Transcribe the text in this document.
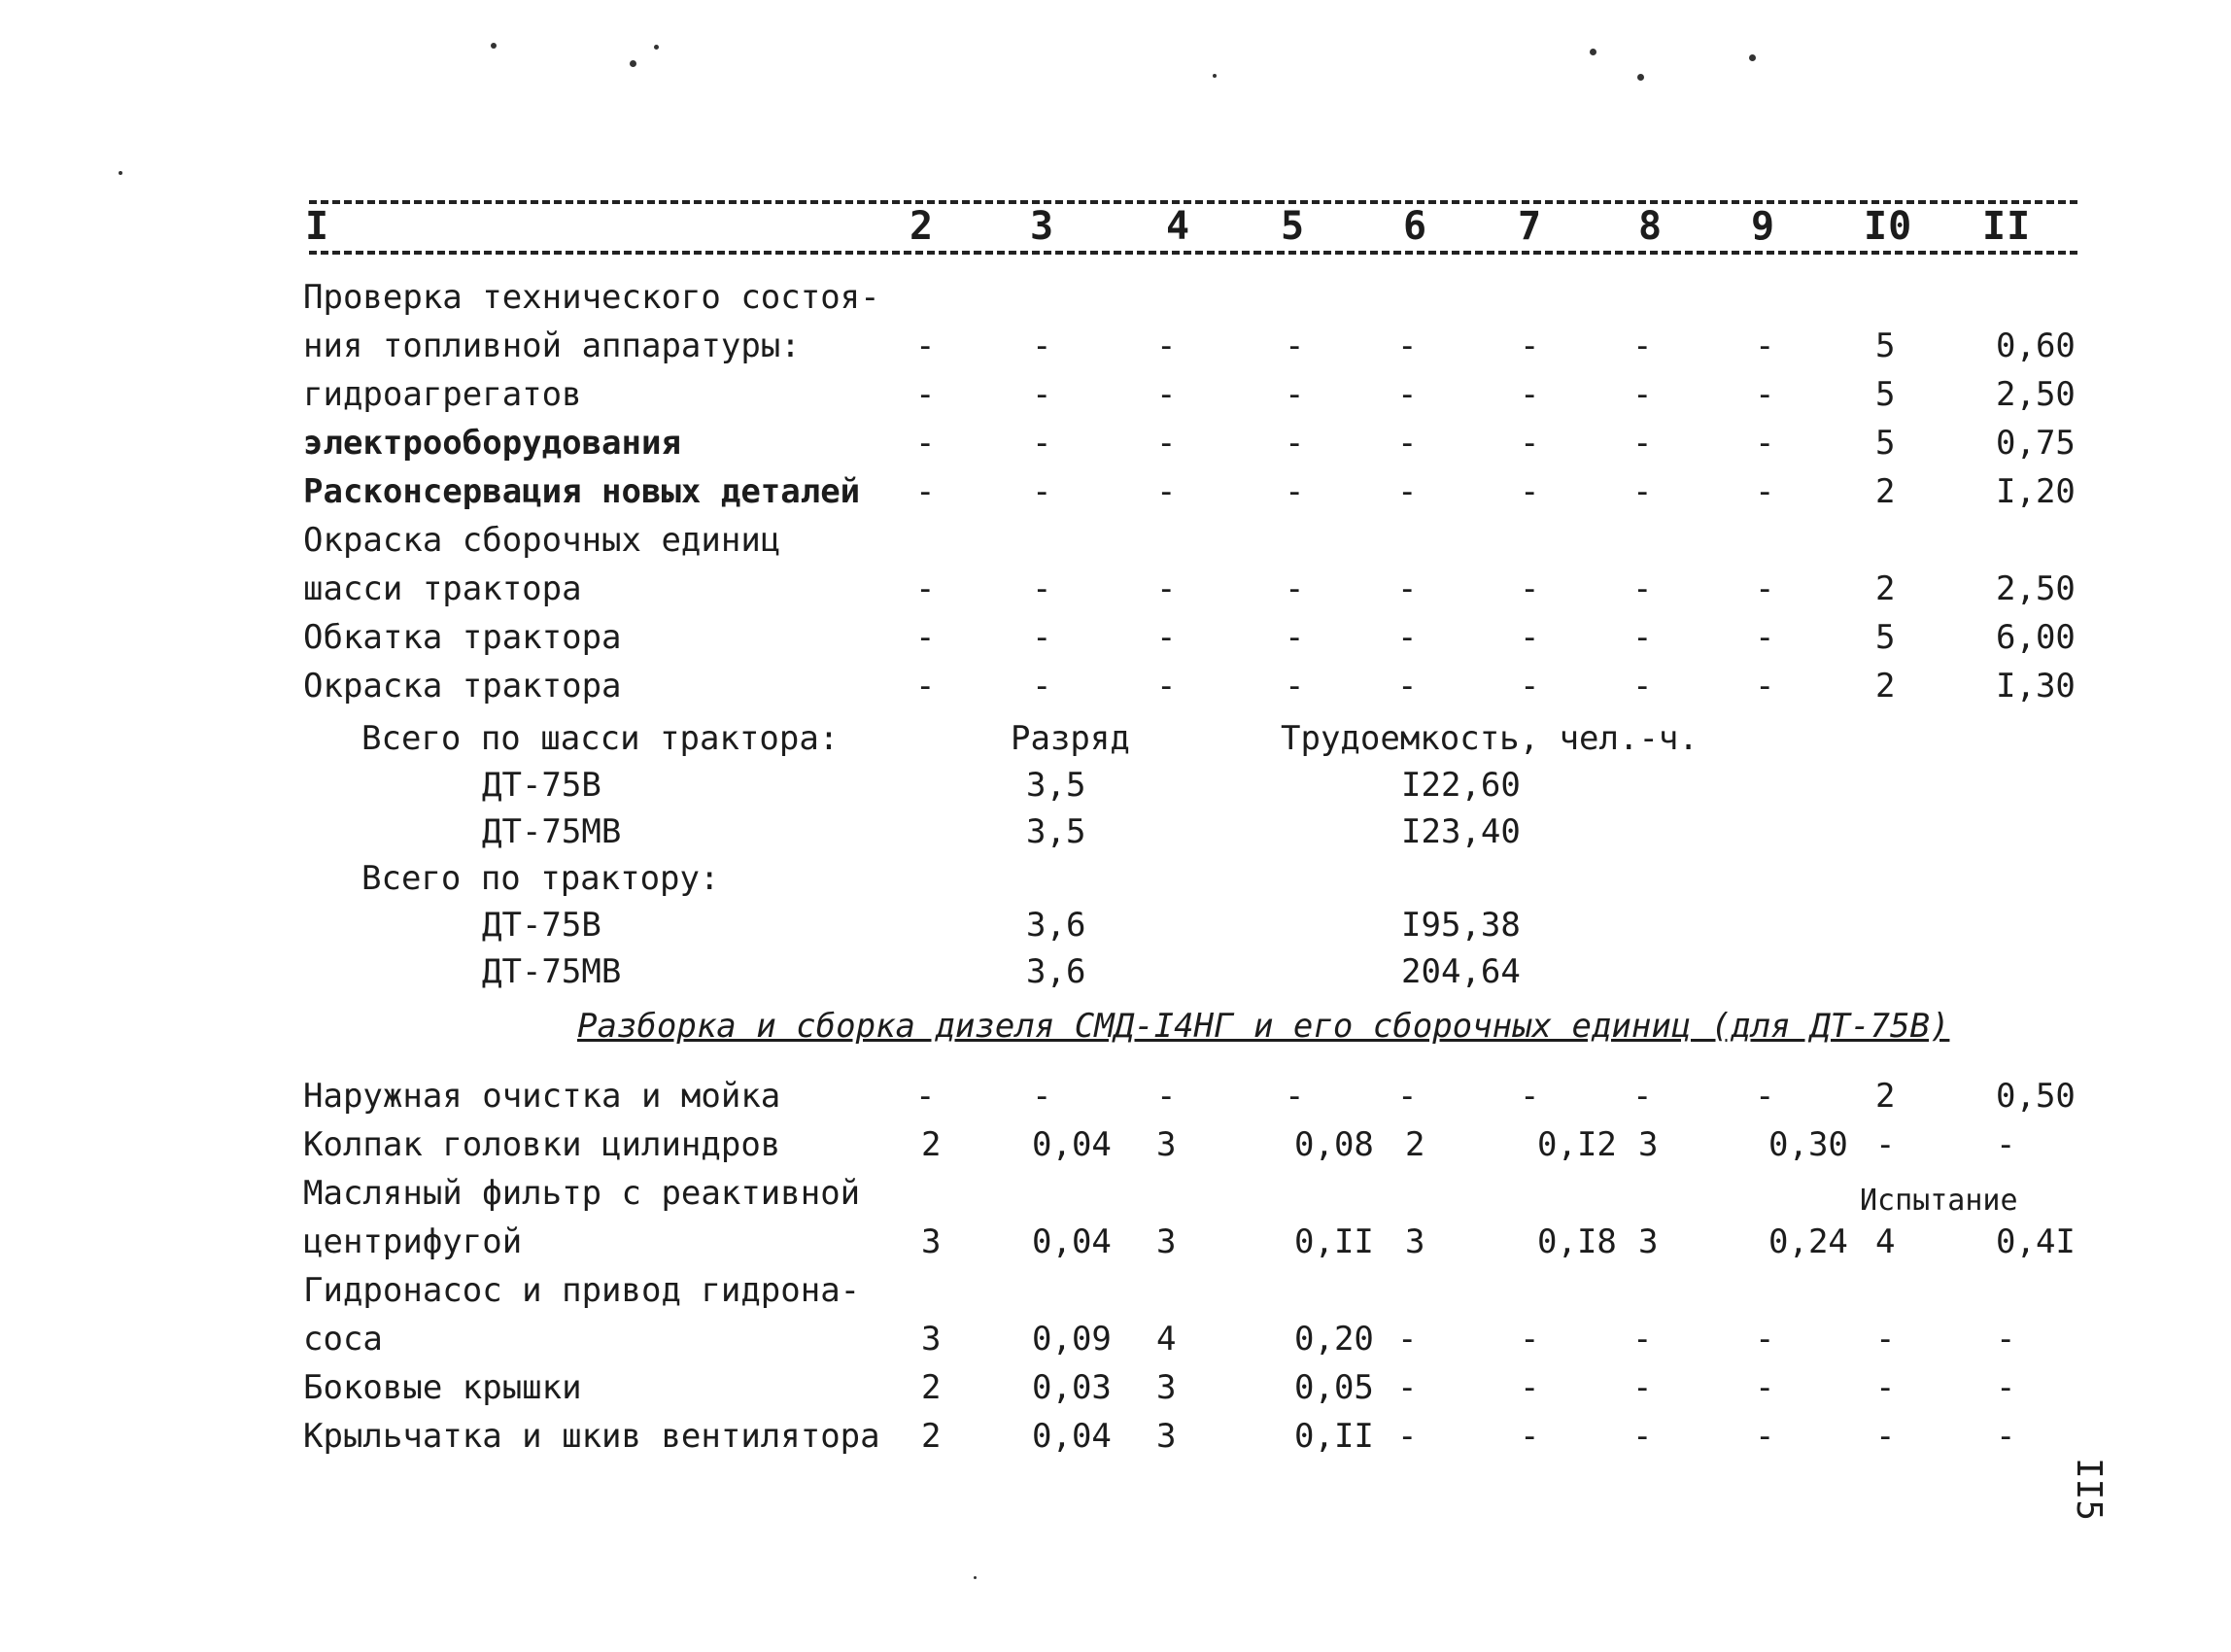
I	2 3	4 5	6 7 8 9 I0 II
Проверка технического состоя-
ния топливной аппаратуры:	-	-	-	-	-	-	-	-	5	0,60
гидроагрегатов	-	-	-	-	-	-	-	-	5	2,50
электрооборудования	-	-	-	-	-	-	-	-	5	0,75
Расконсервация новых деталей -	-	-	-	-	-	-	-	2	I,20
Окраска сборочных единиц
шасси трактора	-	-	-	-	-	-	-	-	2	2,50
Обкатка трактора	-	-	-	-	-	-	-	-	5	6,00
Окраска трактора	-	-	-	-	-	-	-	-	2	I,30
Всего по шасси трактора:	Разряд	Трудоемкость, чел.-ч.
ДТ-75В	3,5	I22,60
ДТ-75МВ	3,5	I23,40
Всего по трактору:
ДТ-75В	3,6	I95,38
ДТ-75МВ	3,6	204,64
Разборка и сборка дизеля СМД-I4НГ и его сборочных единиц (для ДТ-75В)
Наружная очистка и мойка	-	-	-	-	-	-	-	-	2	0,50
Колпак головки цилиндров	2	0,04 3	0,08 2	0,I2 3	0,30 -	-
Масляный фильтр с реактивной
центрифугой	3	0,04 3	0,II 3	0,I8 3	0,24 4	0,4I
Гидронасос и привод гидрона-
соса	3	0,09 4	0,20 -	-	-	-	-	-
Боковые крышки	2	0,03 3	0,05 -	-	-	-	-	-
Крыльчатка и шкив вентилятора 2	0,04 3	0,II -	-	-	-	-	-
Испытание
II5
